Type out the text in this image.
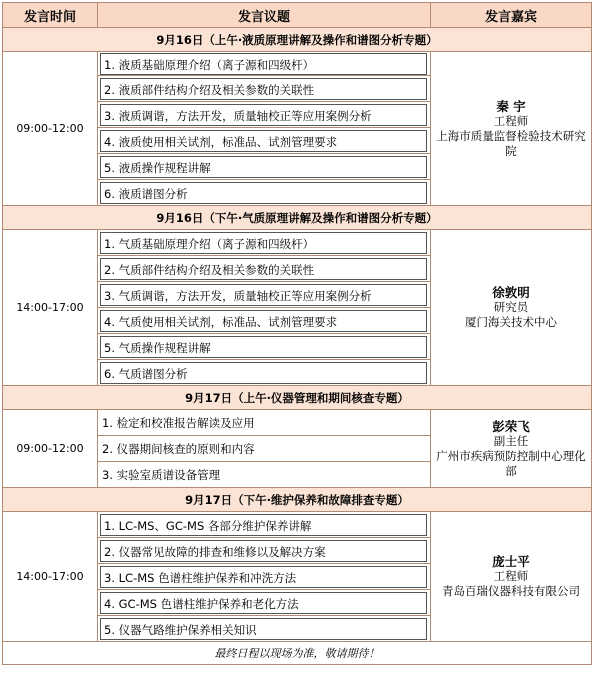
发言时间	发言议题	发言嘉宾
9月16日（上午·液质原理讲解及操作和谱图分析专题）		
09:00-12:00	1. 液质基础原理介绍（离子源和四级杆）	秦 宇
工程师
上海市质量监督检验技术研究院

	2. 液质部件结构介绍及相关参数的关联性	

	3. 液质调谐，方法开发，质量轴校正等应用案例分析	

	4. 液质使用相关试剂，标准品、试剂管理要求	

	5. 液质操作规程讲解	

	6. 液质谱图分析	

9月16日（下午·气质原理讲解及操作和谱图分析专题）		
14:00-17:00	1. 气质基础原理介绍（离子源和四级杆）	徐敦明
研究员
厦门海关技术中心

	2. 气质部件结构介绍及相关参数的关联性	

	3. 气质调谐，方法开发，质量轴校正等应用案例分析	

	4. 气质使用相关试剂，标准品、试剂管理要求	

	5. 气质操作规程讲解	

	6. 气质谱图分析	

9月17日（上午·仪器管理和期间核查专题）		
09:00-12:00	1. 检定和校准报告解读及应用	彭荣飞
副主任
广州市疾病预防控制中心理化部

	2. 仪器期间核查的原则和内容	
	3. 实验室质谱设备管理	
9月17日（下午·维护保养和故障排查专题）		
14:00-17:00	1. LC-MS、GC-MS 各部分维护保养讲解	庞士平
工程师
青岛百瑞仪器科技有限公司

	2. 仪器常见故障的排查和维修以及解决方案	

	3. LC-MS 色谱柱维护保养和冲洗方法	

	4. GC-MS 色谱柱维护保养和老化方法	

	5. 仪器气路维护保养相关知识	

最终日程以现场为准，敬请期待！		
